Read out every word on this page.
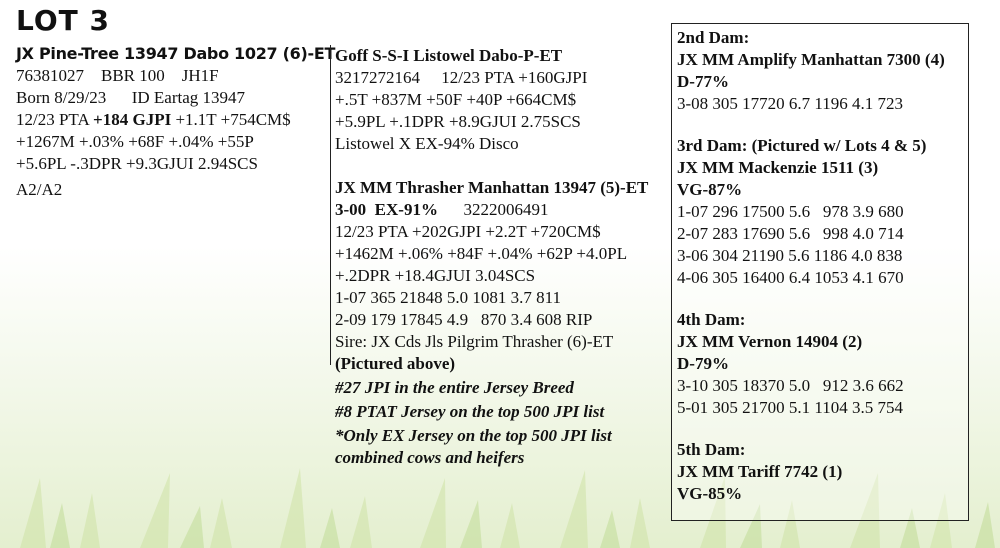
LOT 3
JX Pine-Tree 13947 Dabo 1027 (6)-ET
76381027    BBR 100    JH1F
Born 8/29/23      ID Eartag 13947
12/23 PTA +184 GJPI +1.1T +754CM$
+1267M +.03% +68F +.04% +55P
+5.6PL -.3DPR +9.3GJUI 2.94SCS
A2/A2
Goff S-S-I Listowel Dabo-P-ET
3217272164     12/23 PTA +160GJPI
+.5T +837M +50F +40P +664CM$
+5.9PL +.1DPR +8.9GJUI 2.75SCS
Listowel X EX-94% Disco
JX MM Thrasher Manhattan 13947 (5)-ET
3-00  EX-91% 3222006491
12/23 PTA +202GJPI +2.2T +720CM$
+1462M +.06% +84F +.04% +62P +4.0PL
+.2DPR +18.4GJUI 3.04SCS
1-07 365 21848 5.0 1081 3.7 811
2-09 179 17845 4.9   870 3.4 608 RIP
Sire: JX Cds Jls Pilgrim Thrasher (6)-ET
(Pictured above)
#27 JPI in the entire Jersey Breed
#8 PTAT Jersey on the top 500 JPI list
*Only EX Jersey on the top 500 JPI list
combined cows and heifers
2nd Dam:
JX MM Amplify Manhattan 7300 (4)
D-77%
3-08 305 17720 6.7 1196 4.1 723
3rd Dam: (Pictured w/ Lots 4 & 5)
JX MM Mackenzie 1511 (3)
VG-87%
1-07 296 17500 5.6   978 3.9 680
2-07 283 17690 5.6   998 4.0 714
3-06 304 21190 5.6 1186 4.0 838
4-06 305 16400 6.4 1053 4.1 670
4th Dam:
JX MM Vernon 14904 (2)
D-79%
3-10 305 18370 5.0   912 3.6 662
5-01 305 21700 5.1 1104 3.5 754
5th Dam:
JX MM Tariff 7742 (1)
VG-85%
